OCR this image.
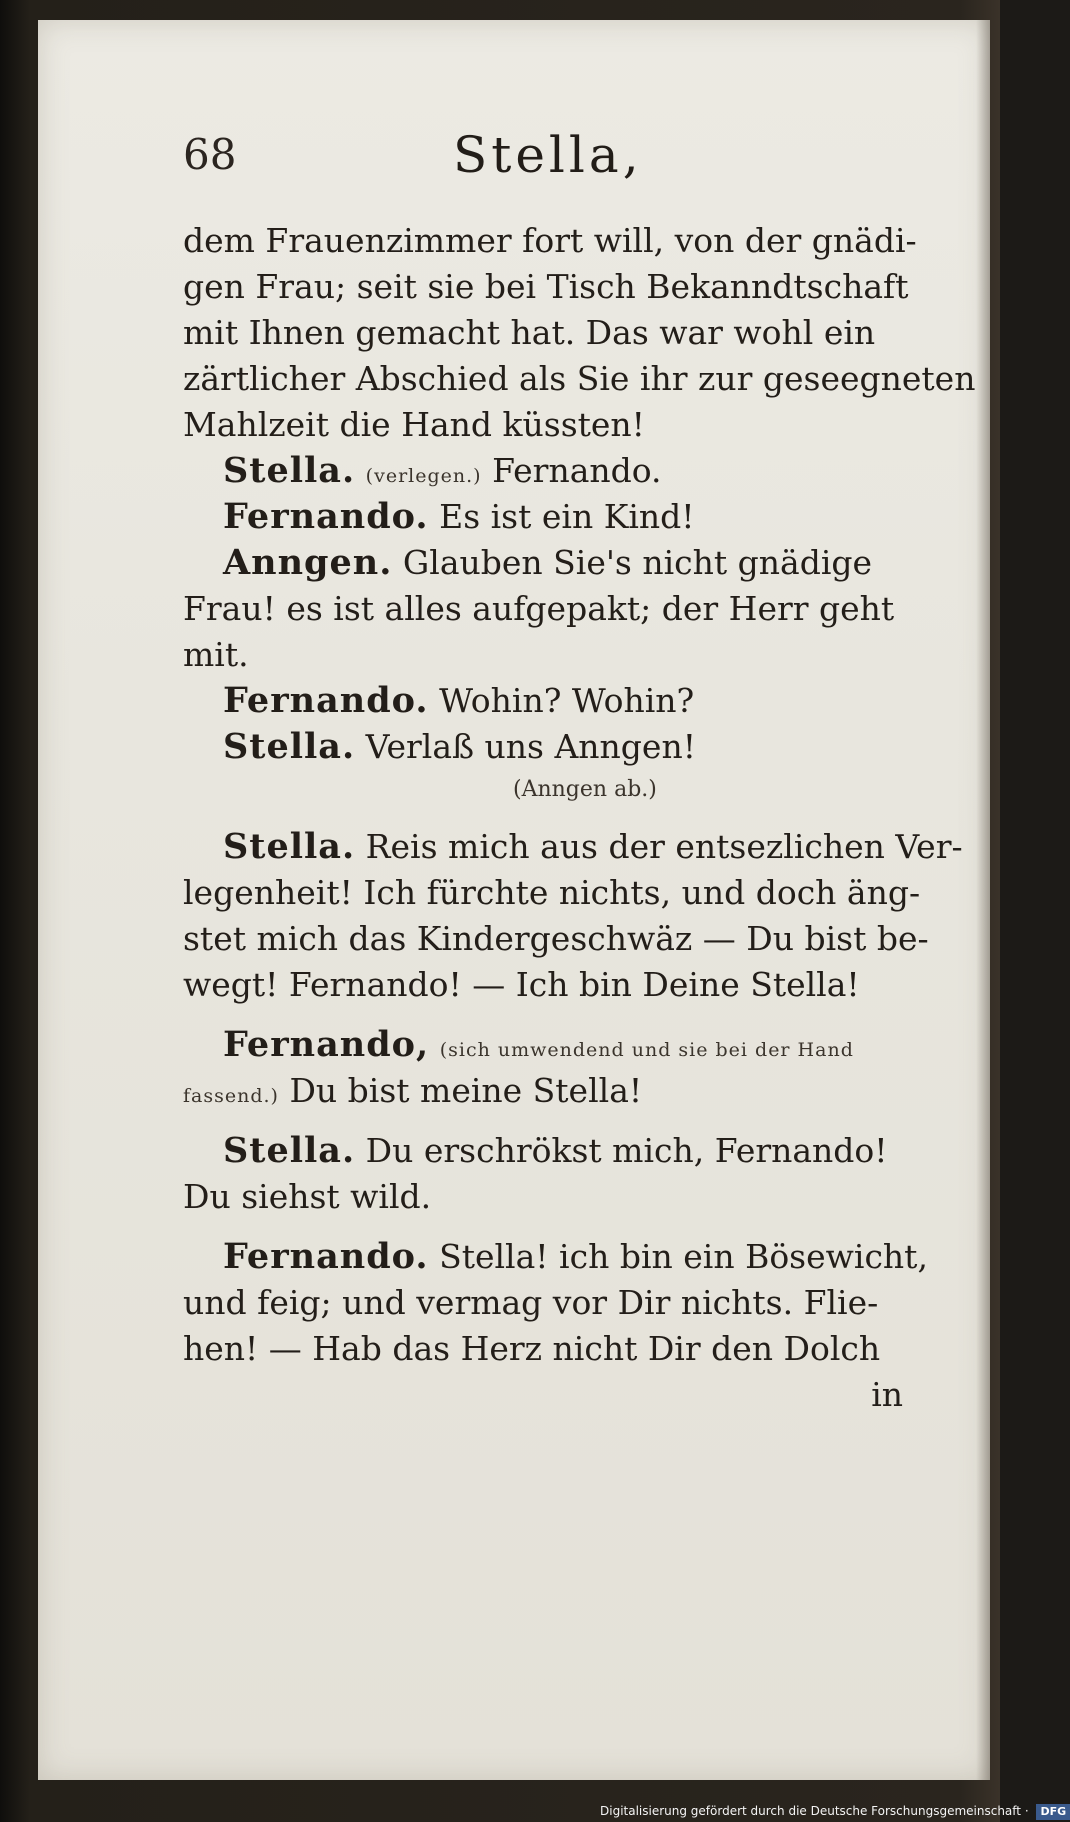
68	Stella,
dem Frauenzimmer fort will, von der gnädi-
gen Frau; seit sie bei Tisch Bekanndtschaft
mit Ihnen gemacht hat. Das war wohl ein
zärtlicher Abschied als Sie ihr zur geseegneten
Mahlzeit die Hand küssten!
Stella. (verlegen.) Fernando.
Fernando. Es ist ein Kind!
Anngen. Glauben Sie's nicht gnädige
Frau! es ist alles aufgepakt; der Herr geht
mit.
Fernando. Wohin? Wohin?
Stella. Verlaß uns Anngen!
(Anngen ab.)
Stella. Reis mich aus der entsezlichen Ver-
legenheit! Ich fürchte nichts, und doch äng-
stet mich das Kindergeschwäz — Du bist be-
wegt! Fernando! — Ich bin Deine Stella!
Fernando, (sich umwendend und sie bei der Hand
fassend.) Du bist meine Stella!
Stella. Du erschrökst mich, Fernando!
Du siehst wild.
Fernando. Stella! ich bin ein Bösewicht,
und feig; und vermag vor Dir nichts. Flie-
hen! — Hab das Herz nicht Dir den Dolch
in
Digitalisierung gefördert durch die Deutsche Forschungsgemeinschaft · DFG
